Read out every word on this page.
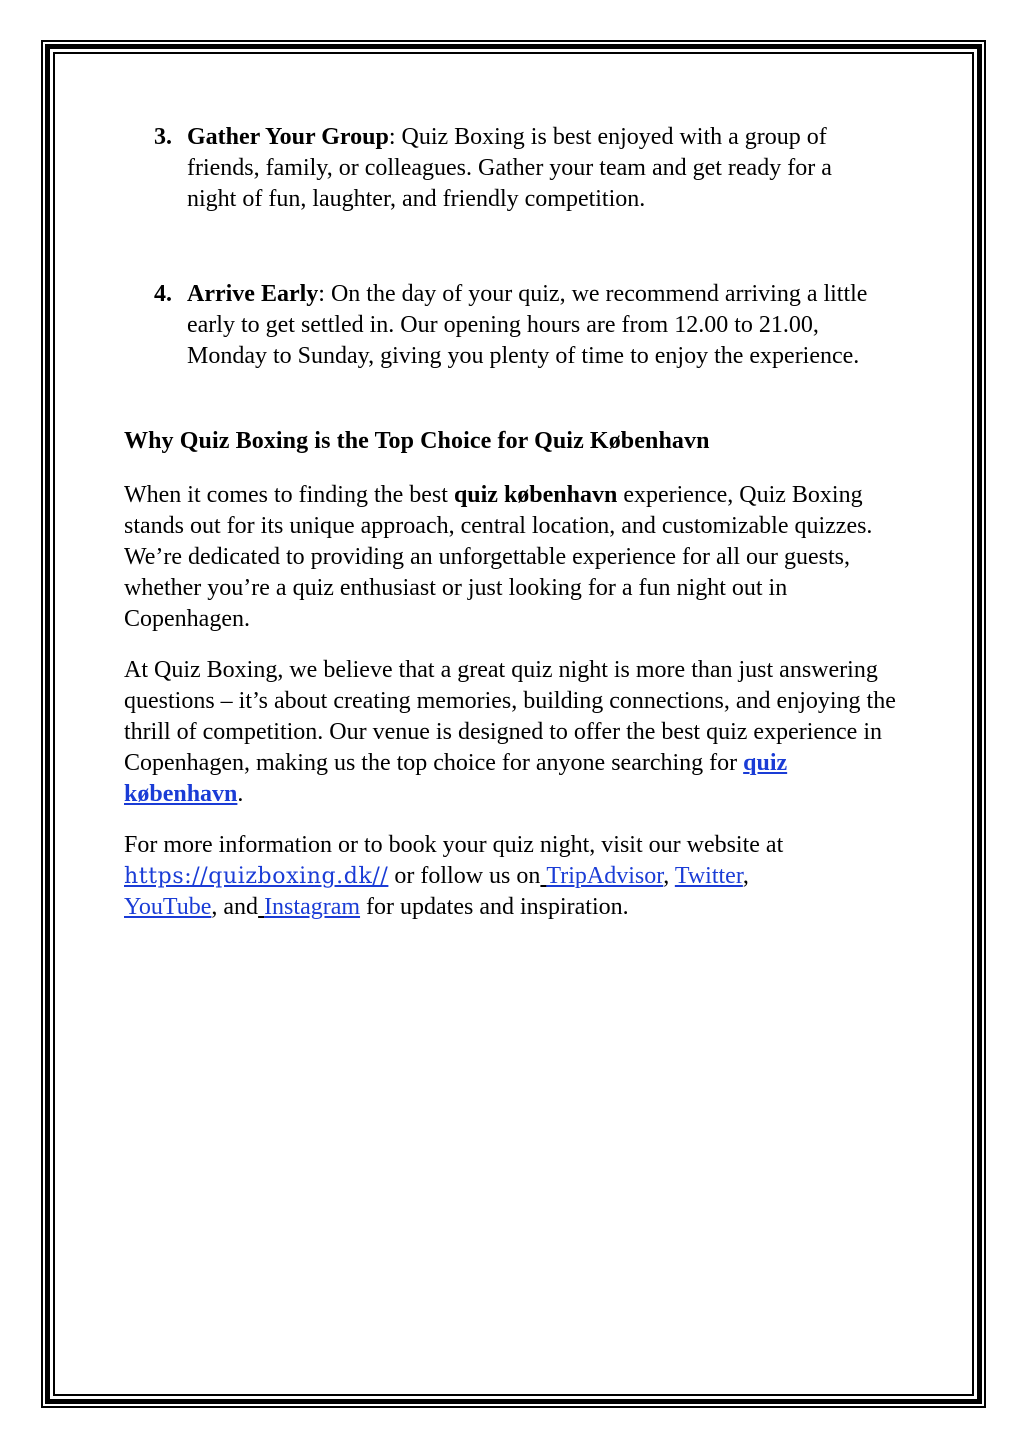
3. Gather Your Group: Quiz Boxing is best enjoyed with a group of friends, family, or colleagues. Gather your team and get ready for a night of fun, laughter, and friendly competition.
4. Arrive Early: On the day of your quiz, we recommend arriving a little early to get settled in. Our opening hours are from 12.00 to 21.00, Monday to Sunday, giving you plenty of time to enjoy the experience.
Why Quiz Boxing is the Top Choice for Quiz København

When it comes to finding the best quiz københavn experience, Quiz Boxing stands out for its unique approach, central location, and customizable quizzes. We’re dedicated to providing an unforgettable experience for all our guests, whether you’re a quiz enthusiast or just looking for a fun night out in Copenhagen.

At Quiz Boxing, we believe that a great quiz night is more than just answering questions – it’s about creating memories, building connections, and enjoying the thrill of competition. Our venue is designed to offer the best quiz experience in Copenhagen, making us the top choice for anyone searching for quiz københavn.

For more information or to book your quiz night, visit our website at https://quizboxing.dk// or follow us on TripAdvisor, Twitter,
YouTube, and Instagram for updates and inspiration.
